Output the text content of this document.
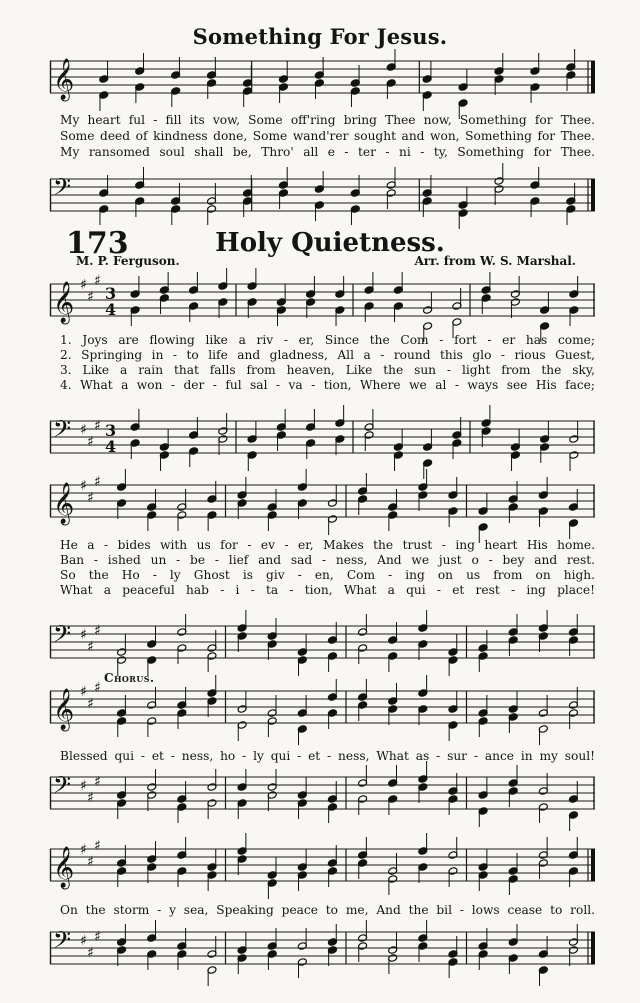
Something For Jesus.
𝄞
My heart ful - fill its vow, Some off'ring bring Thee now, Something for Thee.
Some deed of kindness done, Some wand'rer sought and won, Something for Thee.
My ransomed soul shall be, Thro' all e - ter - ni - ty, Something for Thee.
𝄢
173	Holy Quietness.
M. P. Ferguson.	Arr. from W. S. Marshal.
𝄞 ♯
♯
♯
3
4
1. Joys are flowing like a riv - er, Since the Com - fort - er has come;
2. Springing in - to life and gladness, All a - round this glo - rious Guest,
3. Like a rain that falls from heaven, Like the sun - light from the sky,
4. What a won - der - ful sal - va - tion, Where we al - ways see His face;
𝄢 ♯
♯
♯ 3
4
𝄞 ♯
♯
♯
He a - bides with us for - ev - er, Makes the trust - ing heart His home.
Ban - ished un - be - lief and sad - ness, And we just o - bey and rest.
So the Ho - ly Ghost is giv - en, Com - ing on us from on high.
What a peaceful hab - i - ta - tion, What a qui - et rest - ing place!
𝄢 ♯
♯
♯
Chorus.
𝄞 ♯
♯
♯
Blessed qui - et - ness, ho - ly qui - et - ness, What as - sur - ance in my soul!
𝄢 ♯
♯
♯
𝄞 ♯
♯
♯
On the storm - y sea, Speaking peace to me, And the bil - lows cease to roll.
𝄢 ♯
♯
♯
